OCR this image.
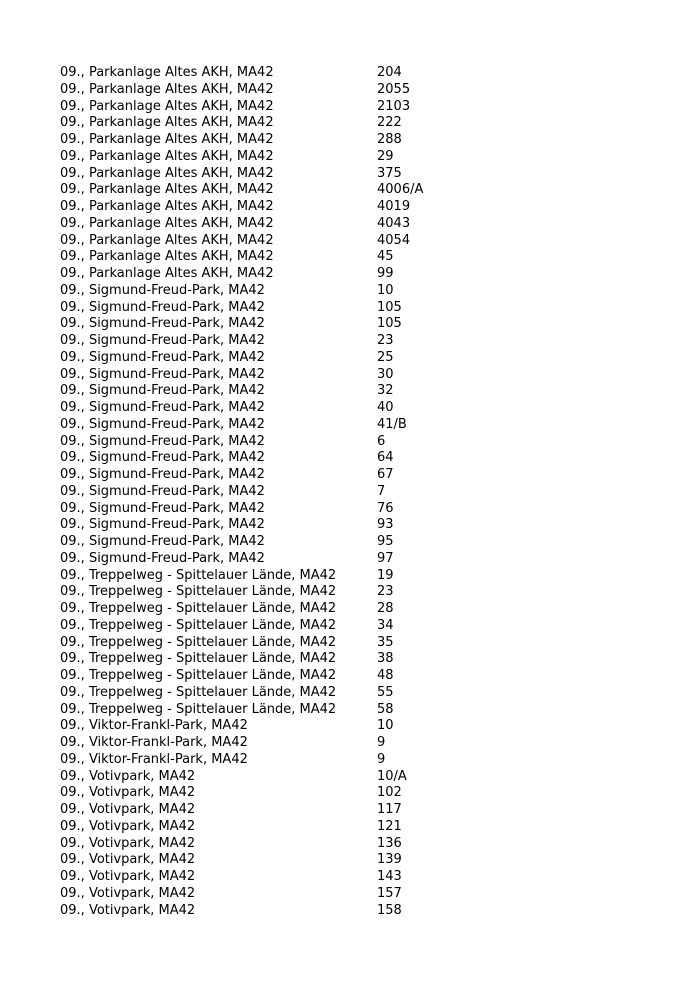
09., Parkanlage Altes AKH, MA42	204
09., Parkanlage Altes AKH, MA42	2055
09., Parkanlage Altes AKH, MA42	2103
09., Parkanlage Altes AKH, MA42	222
09., Parkanlage Altes AKH, MA42	288
09., Parkanlage Altes AKH, MA42	29
09., Parkanlage Altes AKH, MA42	375
09., Parkanlage Altes AKH, MA42	4006/A
09., Parkanlage Altes AKH, MA42	4019
09., Parkanlage Altes AKH, MA42	4043
09., Parkanlage Altes AKH, MA42	4054
09., Parkanlage Altes AKH, MA42	45
09., Parkanlage Altes AKH, MA42	99
09., Sigmund-Freud-Park, MA42	10
09., Sigmund-Freud-Park, MA42	105
09., Sigmund-Freud-Park, MA42	105
09., Sigmund-Freud-Park, MA42	23
09., Sigmund-Freud-Park, MA42	25
09., Sigmund-Freud-Park, MA42	30
09., Sigmund-Freud-Park, MA42	32
09., Sigmund-Freud-Park, MA42	40
09., Sigmund-Freud-Park, MA42	41/B
09., Sigmund-Freud-Park, MA42	6
09., Sigmund-Freud-Park, MA42	64
09., Sigmund-Freud-Park, MA42	67
09., Sigmund-Freud-Park, MA42	7
09., Sigmund-Freud-Park, MA42	76
09., Sigmund-Freud-Park, MA42	93
09., Sigmund-Freud-Park, MA42	95
09., Sigmund-Freud-Park, MA42	97
09., Treppelweg - Spittelauer Lände, MA42	19
09., Treppelweg - Spittelauer Lände, MA42	23
09., Treppelweg - Spittelauer Lände, MA42	28
09., Treppelweg - Spittelauer Lände, MA42	34
09., Treppelweg - Spittelauer Lände, MA42	35
09., Treppelweg - Spittelauer Lände, MA42	38
09., Treppelweg - Spittelauer Lände, MA42	48
09., Treppelweg - Spittelauer Lände, MA42	55
09., Treppelweg - Spittelauer Lände, MA42	58
09., Viktor-Frankl-Park, MA42	10
09., Viktor-Frankl-Park, MA42	9
09., Viktor-Frankl-Park, MA42	9
09., Votivpark, MA42	10/A
09., Votivpark, MA42	102
09., Votivpark, MA42	117
09., Votivpark, MA42	121
09., Votivpark, MA42	136
09., Votivpark, MA42	139
09., Votivpark, MA42	143
09., Votivpark, MA42	157
09., Votivpark, MA42	158
